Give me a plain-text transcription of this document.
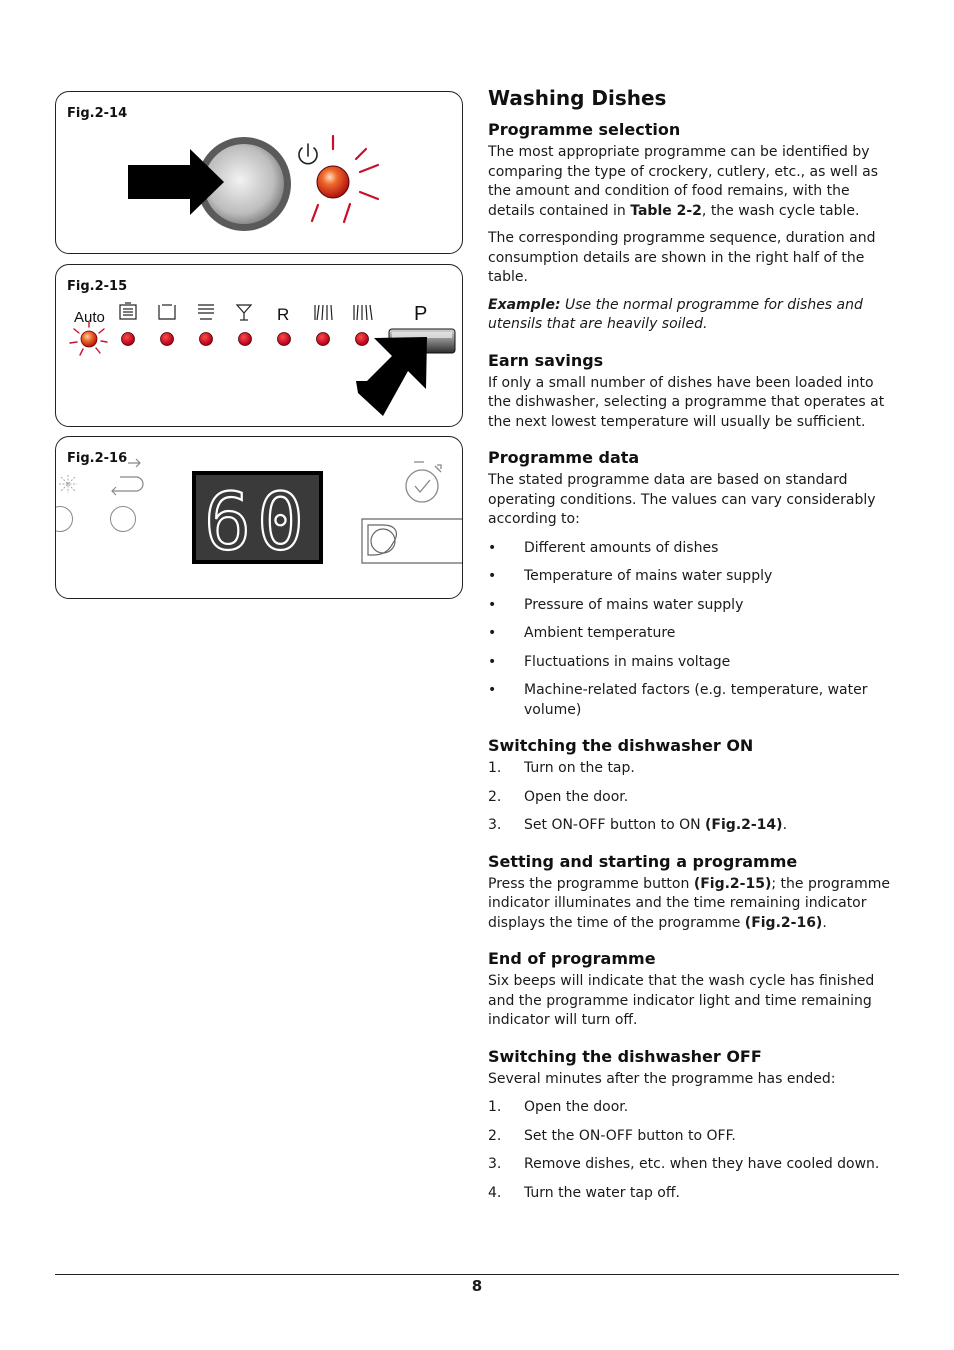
Fig.2-14
Fig.2-15
Auto	R	P
Fig.2-16
60
Washing Dishes
Programme selection

The most appropriate programme can be identified by comparing the type of crockery, cutlery, etc., as well as the amount and condition of food remains, with the details contained in Table 2-2, the wash cycle table.

The corresponding programme sequence, duration and consumption details are shown in the right half of the table.

Example: Use the normal programme for dishes and utensils that are heavily soiled.

Earn savings

If only a small number of dishes have been loaded into the dishwasher, selecting a programme that operates at the next lowest temperature will usually be sufficient.

Programme data

The stated programme data are based on standard operating conditions. The values can vary considerably according to:

• Different amounts of dishes
• Temperature of mains water supply
• Pressure of mains water supply
• Ambient temperature
• Fluctuations in mains voltage
• Machine-related factors (e.g. temperature, water volume)
Switching the dishwasher ON
1. Turn on the tap.
2. Open the door.
3. Set ON-OFF button to ON (Fig.2-14).
Setting and starting a programme

Press the programme button (Fig.2-15); the programme indicator illuminates and the time remaining indicator displays the time of the programme (Fig.2-16).

End of programme

Six beeps will indicate that the wash cycle has finished and the programme indicator light and time remaining indicator will turn off.

Switching the dishwasher OFF

Several minutes after the programme has ended:

1. Open the door.
2. Set the ON-OFF button to OFF.
3. Remove dishes, etc. when they have cooled down.
4. Turn the water tap off.
8
